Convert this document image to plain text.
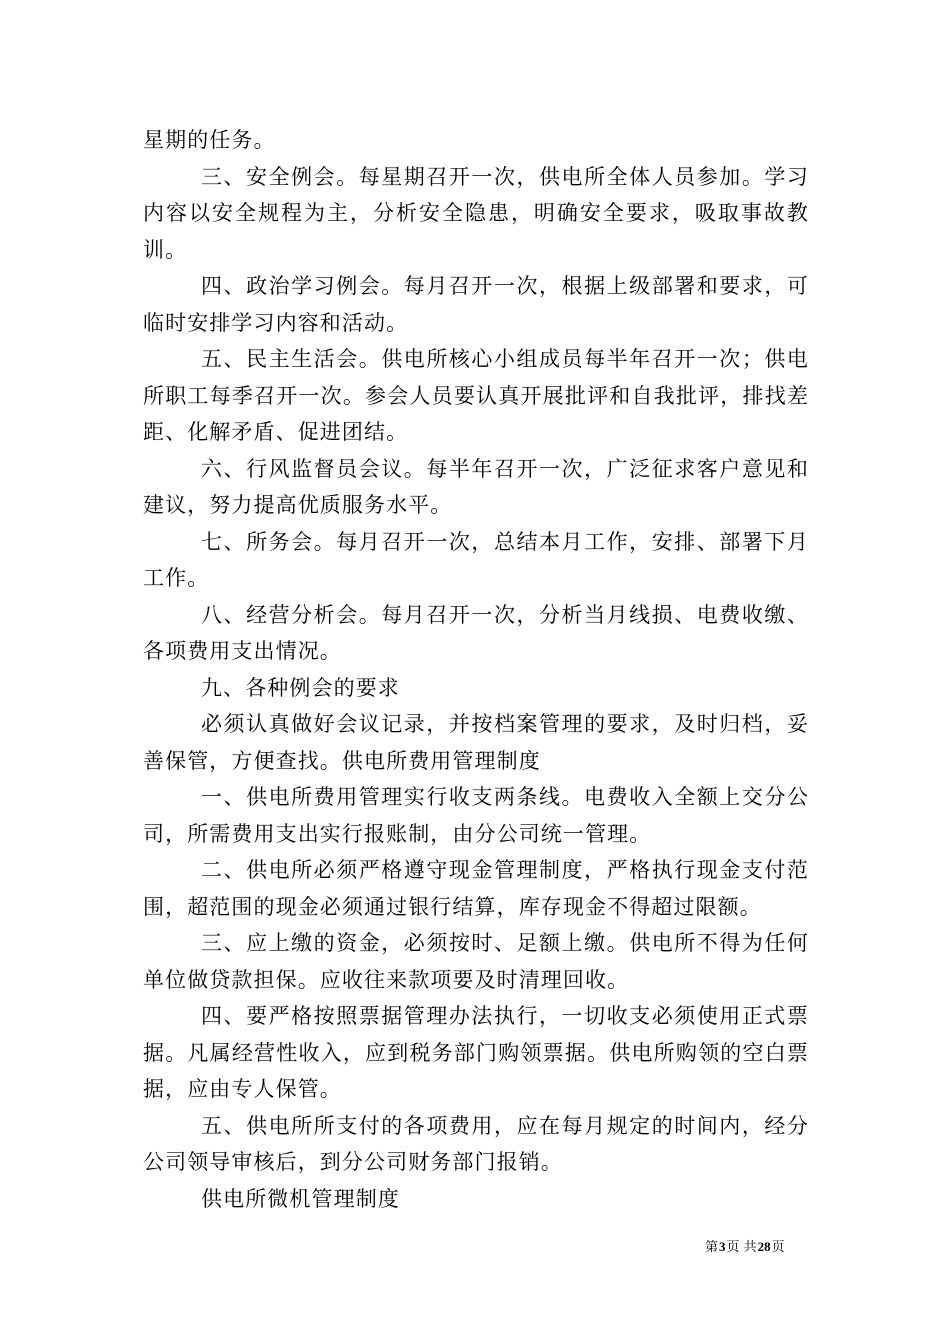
星期的任务。

三、安全例会。每星期召开一次，供电所全体人员参加。学习内容以安全规程为主，分析安全隐患，明确安全要求，吸取事故教训。

四、政治学习例会。每月召开一次，根据上级部署和要求，可临时安排学习内容和活动。

五、民主生活会。供电所核心小组成员每半年召开一次；供电所职工每季召开一次。参会人员要认真开展批评和自我批评，排找差距、化解矛盾、促进团结。

六、行风监督员会议。每半年召开一次，广泛征求客户意见和建议，努力提高优质服务水平。

七、所务会。每月召开一次，总结本月工作，安排、部署下月工作。

八、经营分析会。每月召开一次，分析当月线损、电费收缴、各项费用支出情况。

九、各种例会的要求

必须认真做好会议记录，并按档案管理的要求，及时归档，妥善保管，方便查找。供电所费用管理制度

一、供电所费用管理实行收支两条线。电费收入全额上交分公司，所需费用支出实行报账制，由分公司统一管理。

二、供电所必须严格遵守现金管理制度，严格执行现金支付范围，超范围的现金必须通过银行结算，库存现金不得超过限额。

三、应上缴的资金，必须按时、足额上缴。供电所不得为任何单位做贷款担保。应收往来款项要及时清理回收。

四、要严格按照票据管理办法执行，一切收支必须使用正式票据。凡属经营性收入，应到税务部门购领票据。供电所购领的空白票据，应由专人保管。

五、供电所所支付的各项费用，应在每月规定的时间内，经分公司领导审核后，到分公司财务部门报销。

供电所微机管理制度

第3页 共28页
